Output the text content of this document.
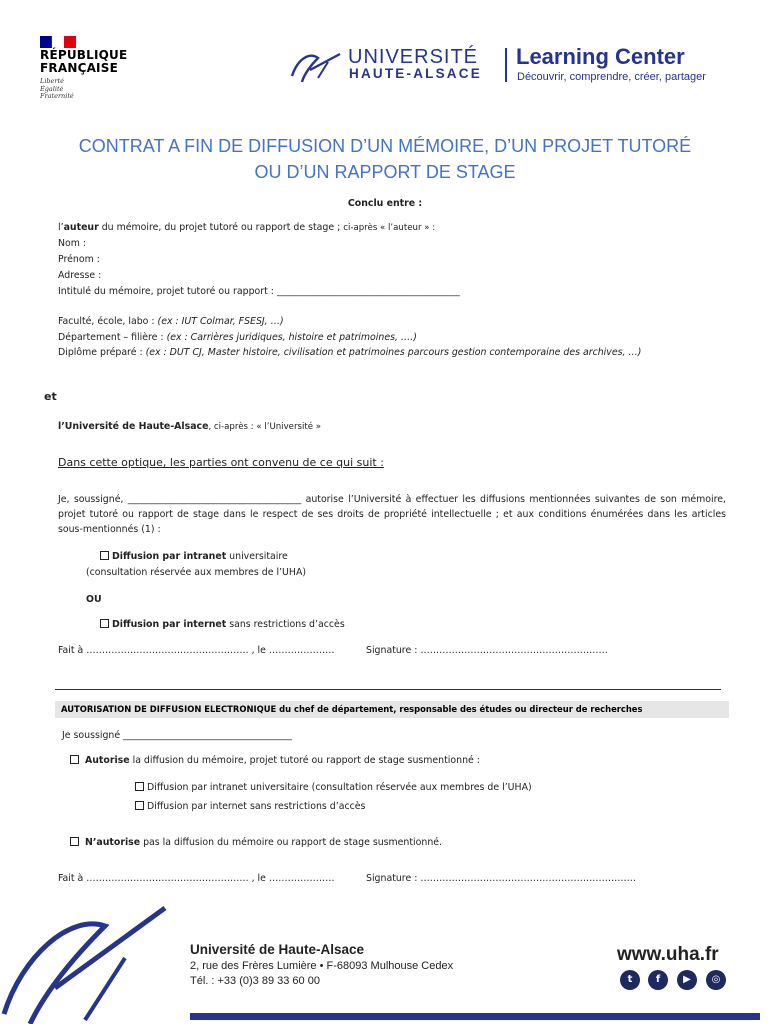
RÉPUBLIQUE
FRANÇAISE
Liberté
Égalité
Fraternité
UNIVERSITÉ
HAUTE-ALSACE
Learning Center
Découvrir, comprendre, créer, partager
CONTRAT A FIN DE DIFFUSION D’UN MÉMOIRE, D’UN PROJET TUTORÉ
OU D’UN RAPPORT DE STAGE
Conclu entre :
l’auteur du mémoire, du projet tutoré ou rapport de stage ; ci-après « l’auteur » :
Nom :
Prénom :
Adresse :
Intitulé du mémoire, projet tutoré ou rapport : _______________________________________
Faculté, école, labo : (ex : IUT Colmar, FSESJ, …)
Département – filière : (ex : Carrières juridiques, histoire et patrimoines, ….)
Diplôme préparé : (ex : DUT CJ, Master histoire, civilisation et patrimoines parcours gestion contemporaine des archives, …)
et
l’Université de Haute-Alsace, ci-après : « l’Université »
Dans cette optique, les parties ont convenu de ce qui suit :
Je, soussigné, _____________________________________ autorise l’Université à effectuer les diffusions mentionnées suivantes de son mémoire, projet tutoré ou rapport de stage dans le respect de ses droits de propriété intellectuelle ; et aux conditions énumérées dans les articles sous-mentionnés (1) :
Diffusion par intranet universitaire
(consultation réservée aux membres de l’UHA)
OU
Diffusion par internet sans restrictions d’accès
Fait à ……………………………………………. , le …………………	Signature : ……………………………………………………
AUTORISATION DE DIFFUSION ELECTRONIQUE du chef de département, responsable des études ou directeur de recherches
Je soussigné ____________________________________
Autorise la diffusion du mémoire, projet tutoré ou rapport de stage susmentionné :
Diffusion par intranet universitaire (consultation réservée aux membres de l’UHA)
Diffusion par internet sans restrictions d’accès
N’autorise pas la diffusion du mémoire ou rapport de stage susmentionné.
Fait à ……………………………………………. , le …………………	Signature : ……………………………………………………………
Université de Haute-Alsace
2, rue des Frères Lumière • F-68093 Mulhouse Cedex
Tél. : +33 (0)3 89 33 60 00
www.uha.fr
t	f	▶	◎
